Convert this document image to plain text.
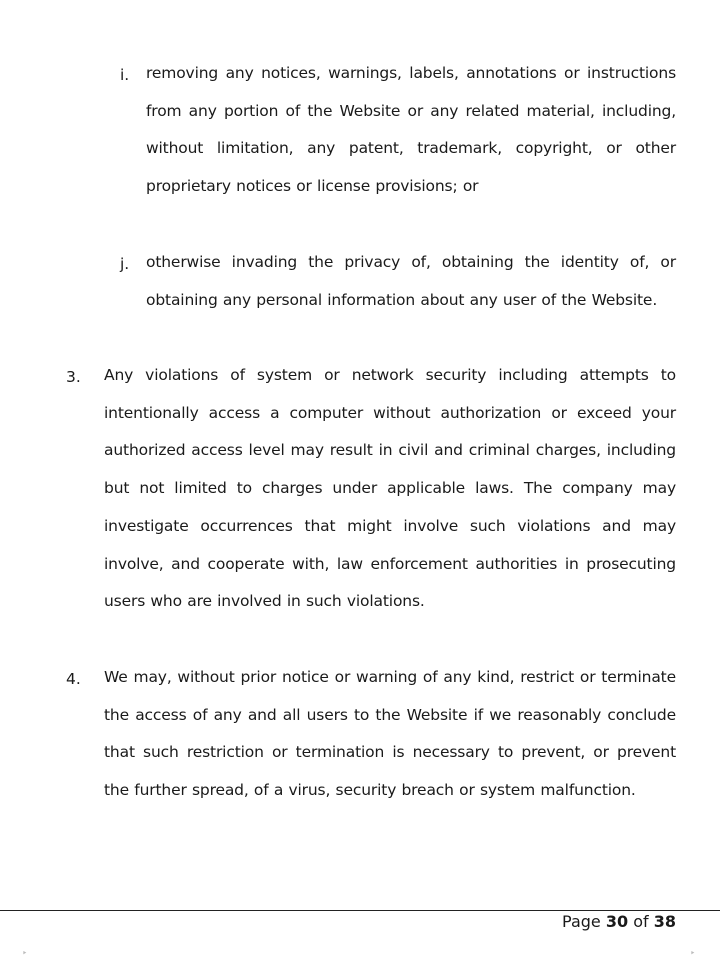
i. removing any notices, warnings, labels, annotations or instructions from any portion of the Website or any related material, including, without limitation, any patent, trademark, copyright, or other proprietary notices or license provisions; or
j. otherwise invading the privacy of, obtaining the identity of, or obtaining any personal information about any user of the Website.
3. Any violations of system or network security including attempts to intentionally access a computer without authorization or exceed your authorized access level may result in civil and criminal charges, including but not limited to charges under applicable laws. The company may investigate occurrences that might involve such violations and may involve, and cooperate with, law enforcement authorities in prosecuting users who are involved in such violations.
4. We may, without prior notice or warning of any kind, restrict or terminate the access of any and all users to the Website if we reasonably conclude that such restriction or termination is necessary to prevent, or prevent the further spread, of a virus, security breach or system malfunction.
Page 30 of 38
‣	‣
